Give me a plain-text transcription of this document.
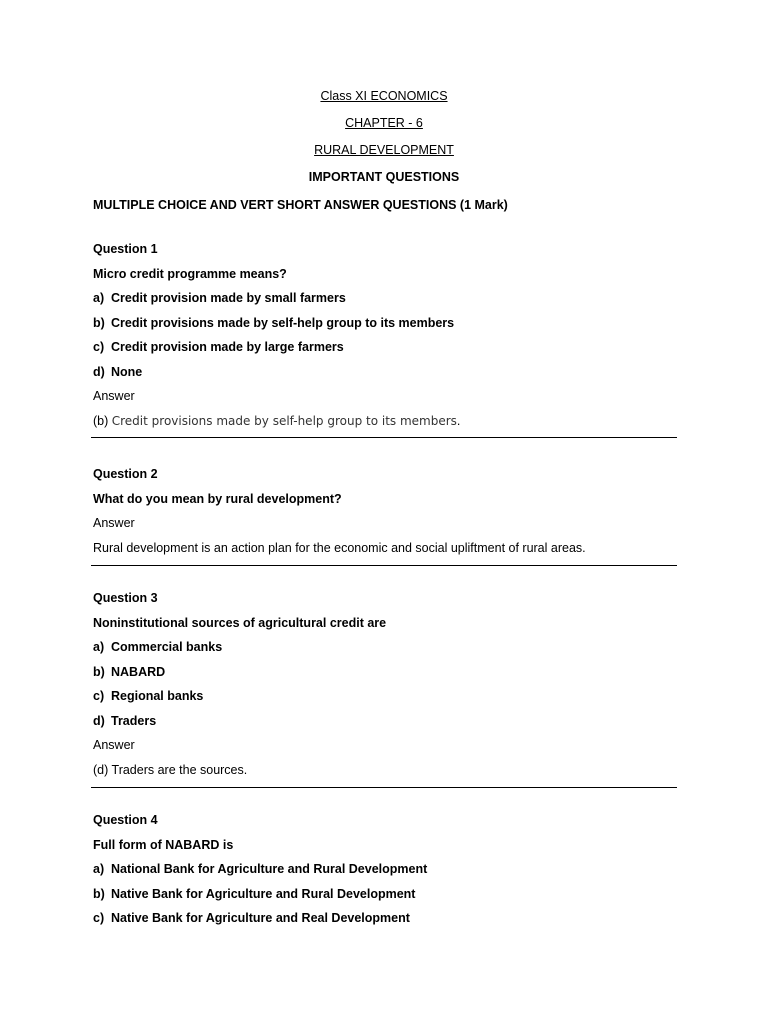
Class XI ECONOMICS
CHAPTER - 6
RURAL DEVELOPMENT
IMPORTANT QUESTIONS
MULTIPLE CHOICE AND VERT SHORT ANSWER QUESTIONS (1 Mark)
Question 1
Micro credit programme means?
a) Credit provision made by small farmers
b) Credit provisions made by self-help group to its members
c) Credit provision made by large farmers
d) None
Answer
(b) Credit provisions made by self-help group to its members.
Question 2
What do you mean by rural development?
Answer
Rural development is an action plan for the economic and social upliftment of rural areas.
Question 3
Noninstitutional sources of agricultural credit are
a) Commercial banks
b) NABARD
c) Regional banks
d) Traders
Answer
(d) Traders are the sources.
Question 4
Full form of NABARD is
a) National Bank for Agriculture and Rural Development
b) Native Bank for Agriculture and Rural Development
c) Native Bank for Agriculture and Real Development
